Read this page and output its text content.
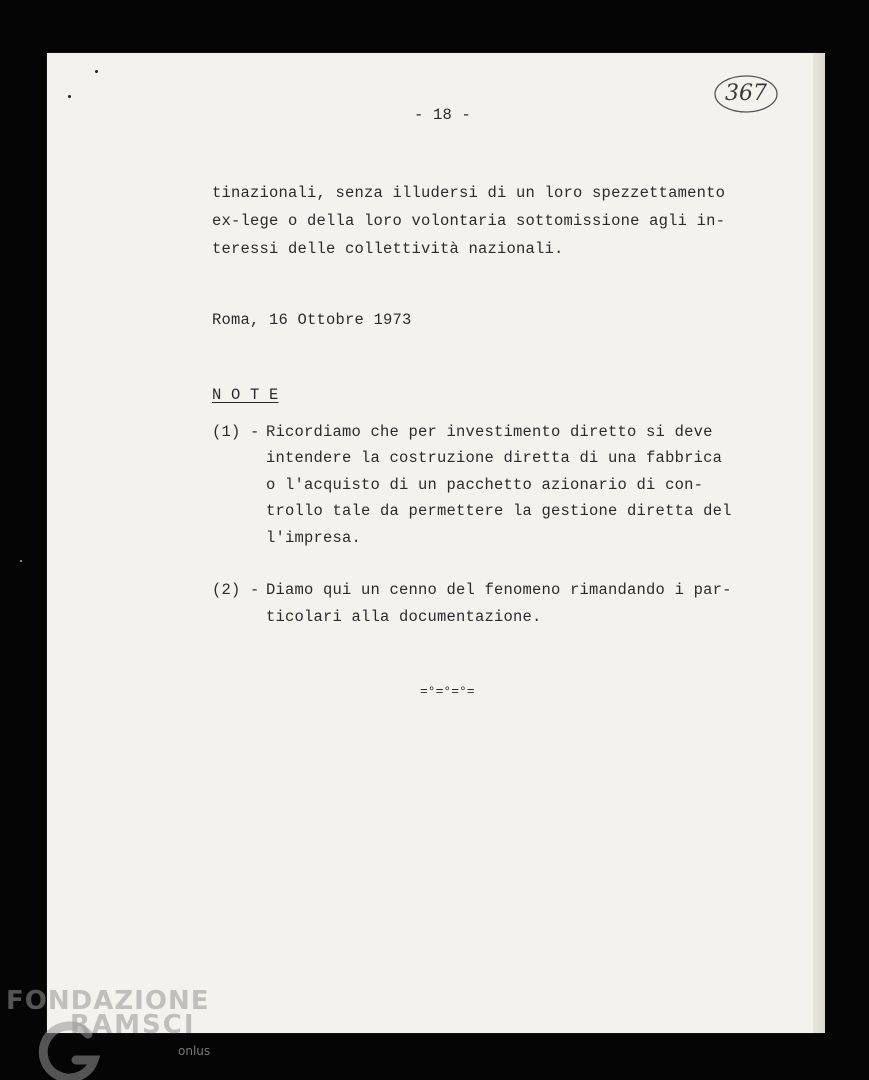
- 18 -
367
tinazionali, senza illudersi di un loro spezzettamento
ex-lege o della loro volontaria sottomissione agli in-
teressi delle collettività nazionali.
Roma, 16 Ottobre 1973
N O T E
(1) - Ricordiamo che per investimento diretto si deve
intendere la costruzione diretta di una fabbrica
o l'acquisto di un pacchetto azionario di con-
trollo tale da permettere la gestione diretta del
l'impresa.
(2) - Diamo qui un cenno del fenomeno rimandando i par-
ticolari alla documentazione.
=°=°=°=
FONDAZIONE
RAMSCI
onlus
